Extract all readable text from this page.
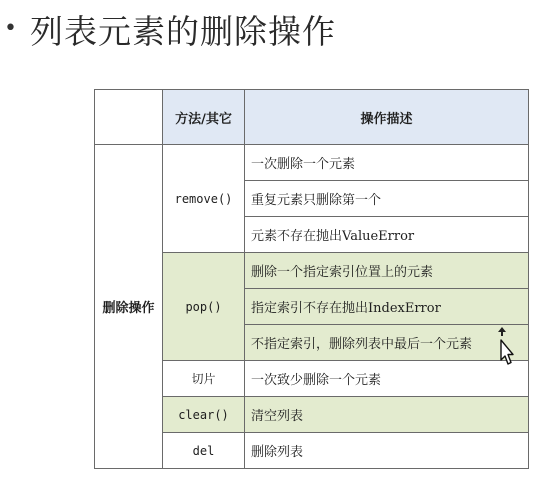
• 列表元素的删除操作
	方法/其它	操作描述
删除操作	remove()	一次删除一个元素
		重复元素只删除第一个
		元素不存在抛出ValueError
	pop()	删除一个指定索引位置上的元素
		指定索引不存在抛出IndexError
		不指定索引，删除列表中最后一个元素
	切片	一次致少删除一个元素
	clear()	清空列表
	del	删除列表
